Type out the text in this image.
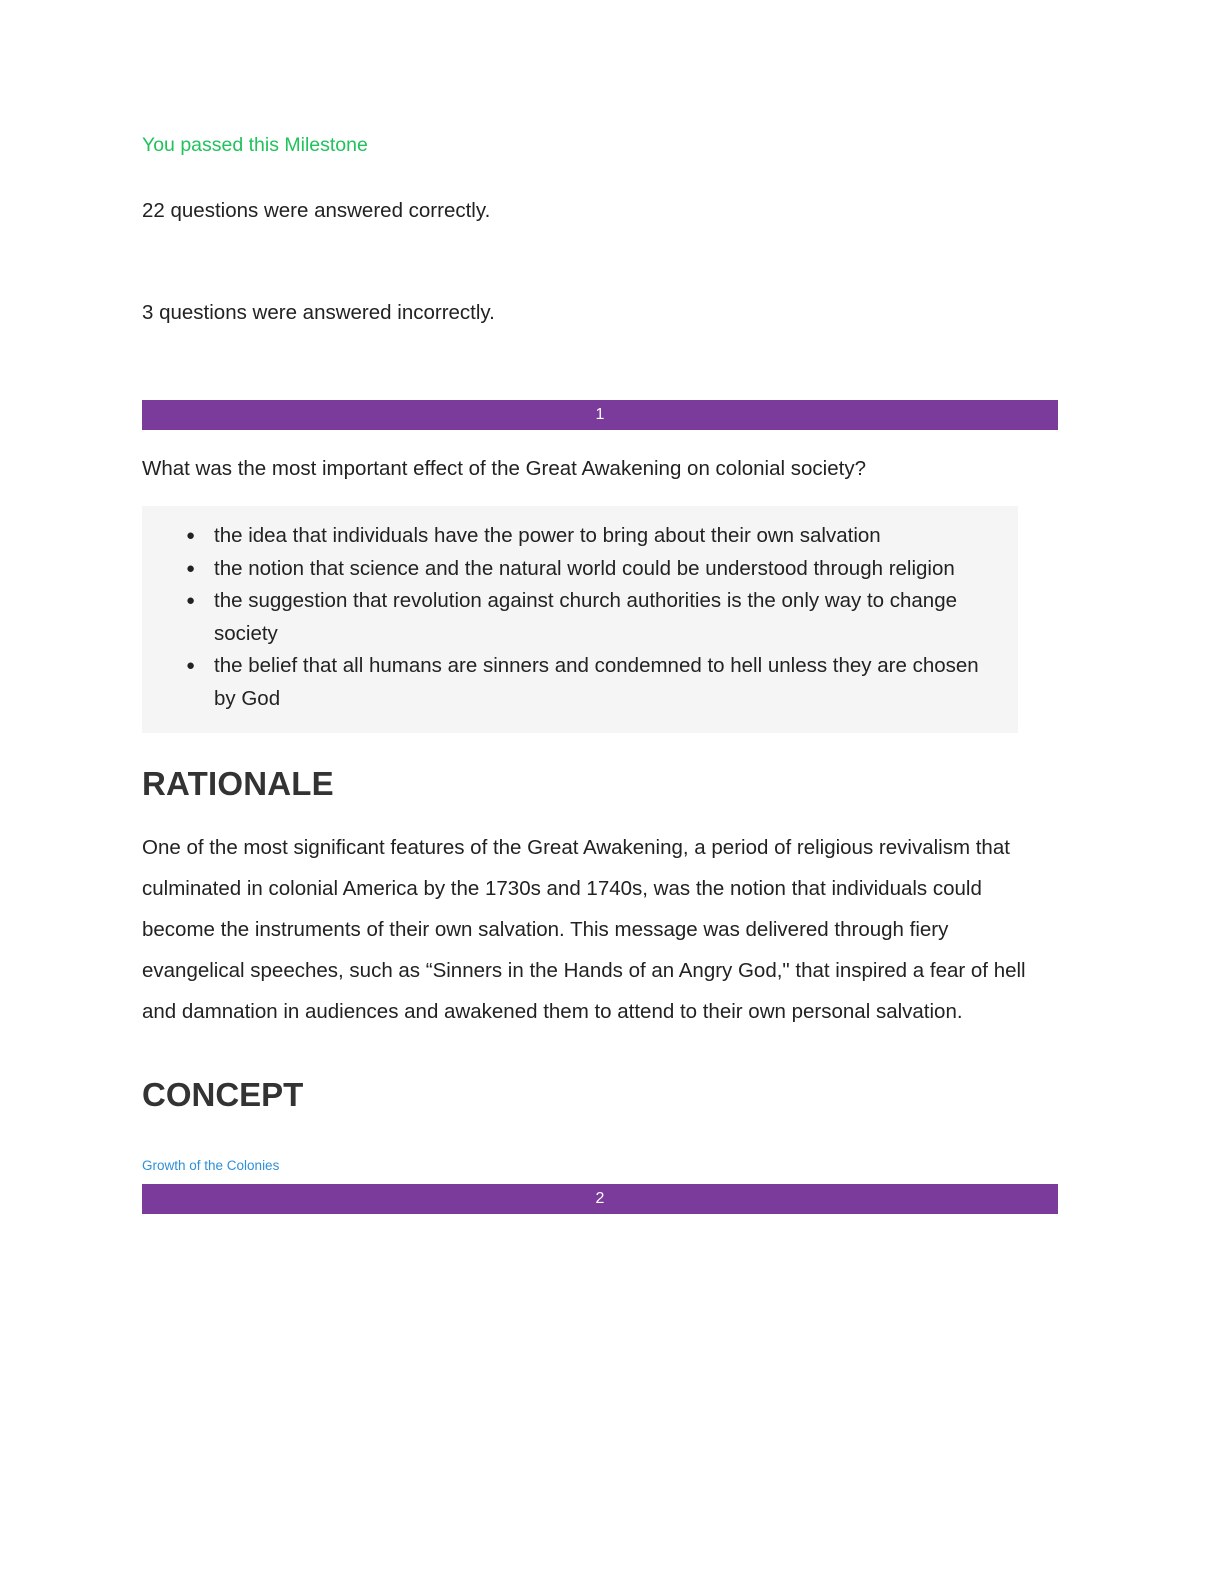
You passed this Milestone

22 questions were answered correctly.

3 questions were answered incorrectly.

1

What was the most important effect of the Great Awakening on colonial society?

● the idea that individuals have the power to bring about their own salvation
● the notion that science and the natural world could be understood through religion
● the suggestion that revolution against church authorities is the only way to change society
● the belief that all humans are sinners and condemned to hell unless they are chosen by God
RATIONALE

One of the most significant features of the Great Awakening, a period of religious revivalism that culminated in colonial America by the 1730s and 1740s, was the notion that individuals could become the instruments of their own salvation. This message was delivered through fiery evangelical speeches, such as “Sinners in the Hands of an Angry God," that inspired a fear of hell and damnation in audiences and awakened them to attend to their own personal salvation.

CONCEPT
Growth of the Colonies
2
